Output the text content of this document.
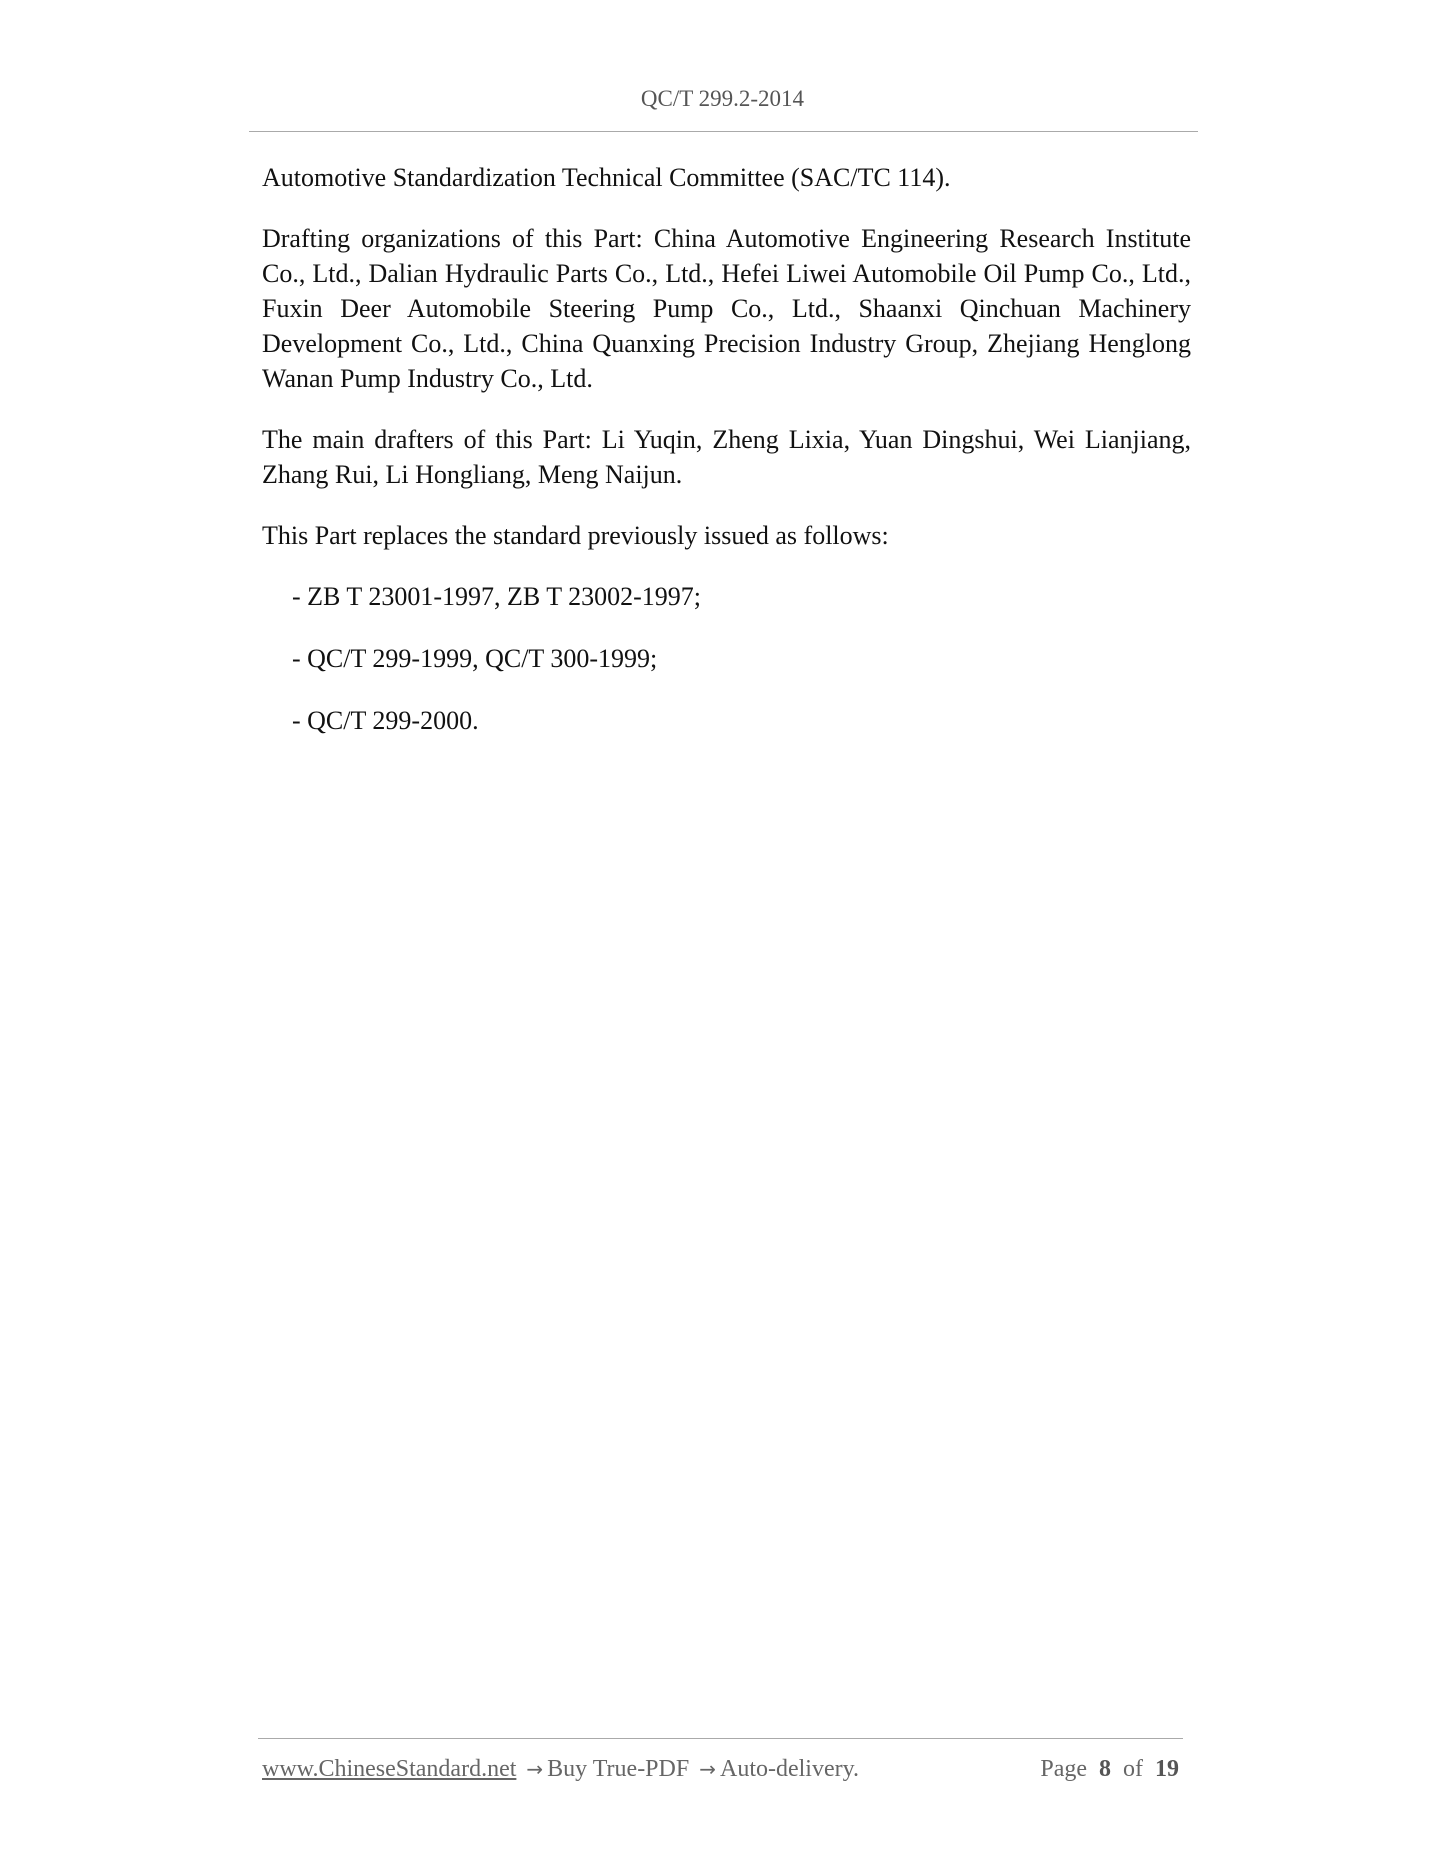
QC/T 299.2-2014

Automotive Standardization Technical Committee (SAC/TC 114).

Drafting organizations of this Part: China Automotive Engineering Research Institute Co., Ltd., Dalian Hydraulic Parts Co., Ltd., Hefei Liwei Automobile Oil Pump Co., Ltd., Fuxin Deer Automobile Steering Pump Co., Ltd., Shaanxi Qinchuan Machinery Development Co., Ltd., China Quanxing Precision Industry Group, Zhejiang Henglong Wanan Pump Industry Co., Ltd.

The main drafters of this Part: Li Yuqin, Zheng Lixia, Yuan Dingshui, Wei Lianjiang, Zhang Rui, Li Hongliang, Meng Naijun.

This Part replaces the standard previously issued as follows:

- ZB T 23001-1997, ZB T 23002-1997;
- QC/T 299-1999, QC/T 300-1999;
- QC/T 299-2000.
www.ChineseStandard.net → Buy True-PDF → Auto-delivery.	Page 8 of 19
